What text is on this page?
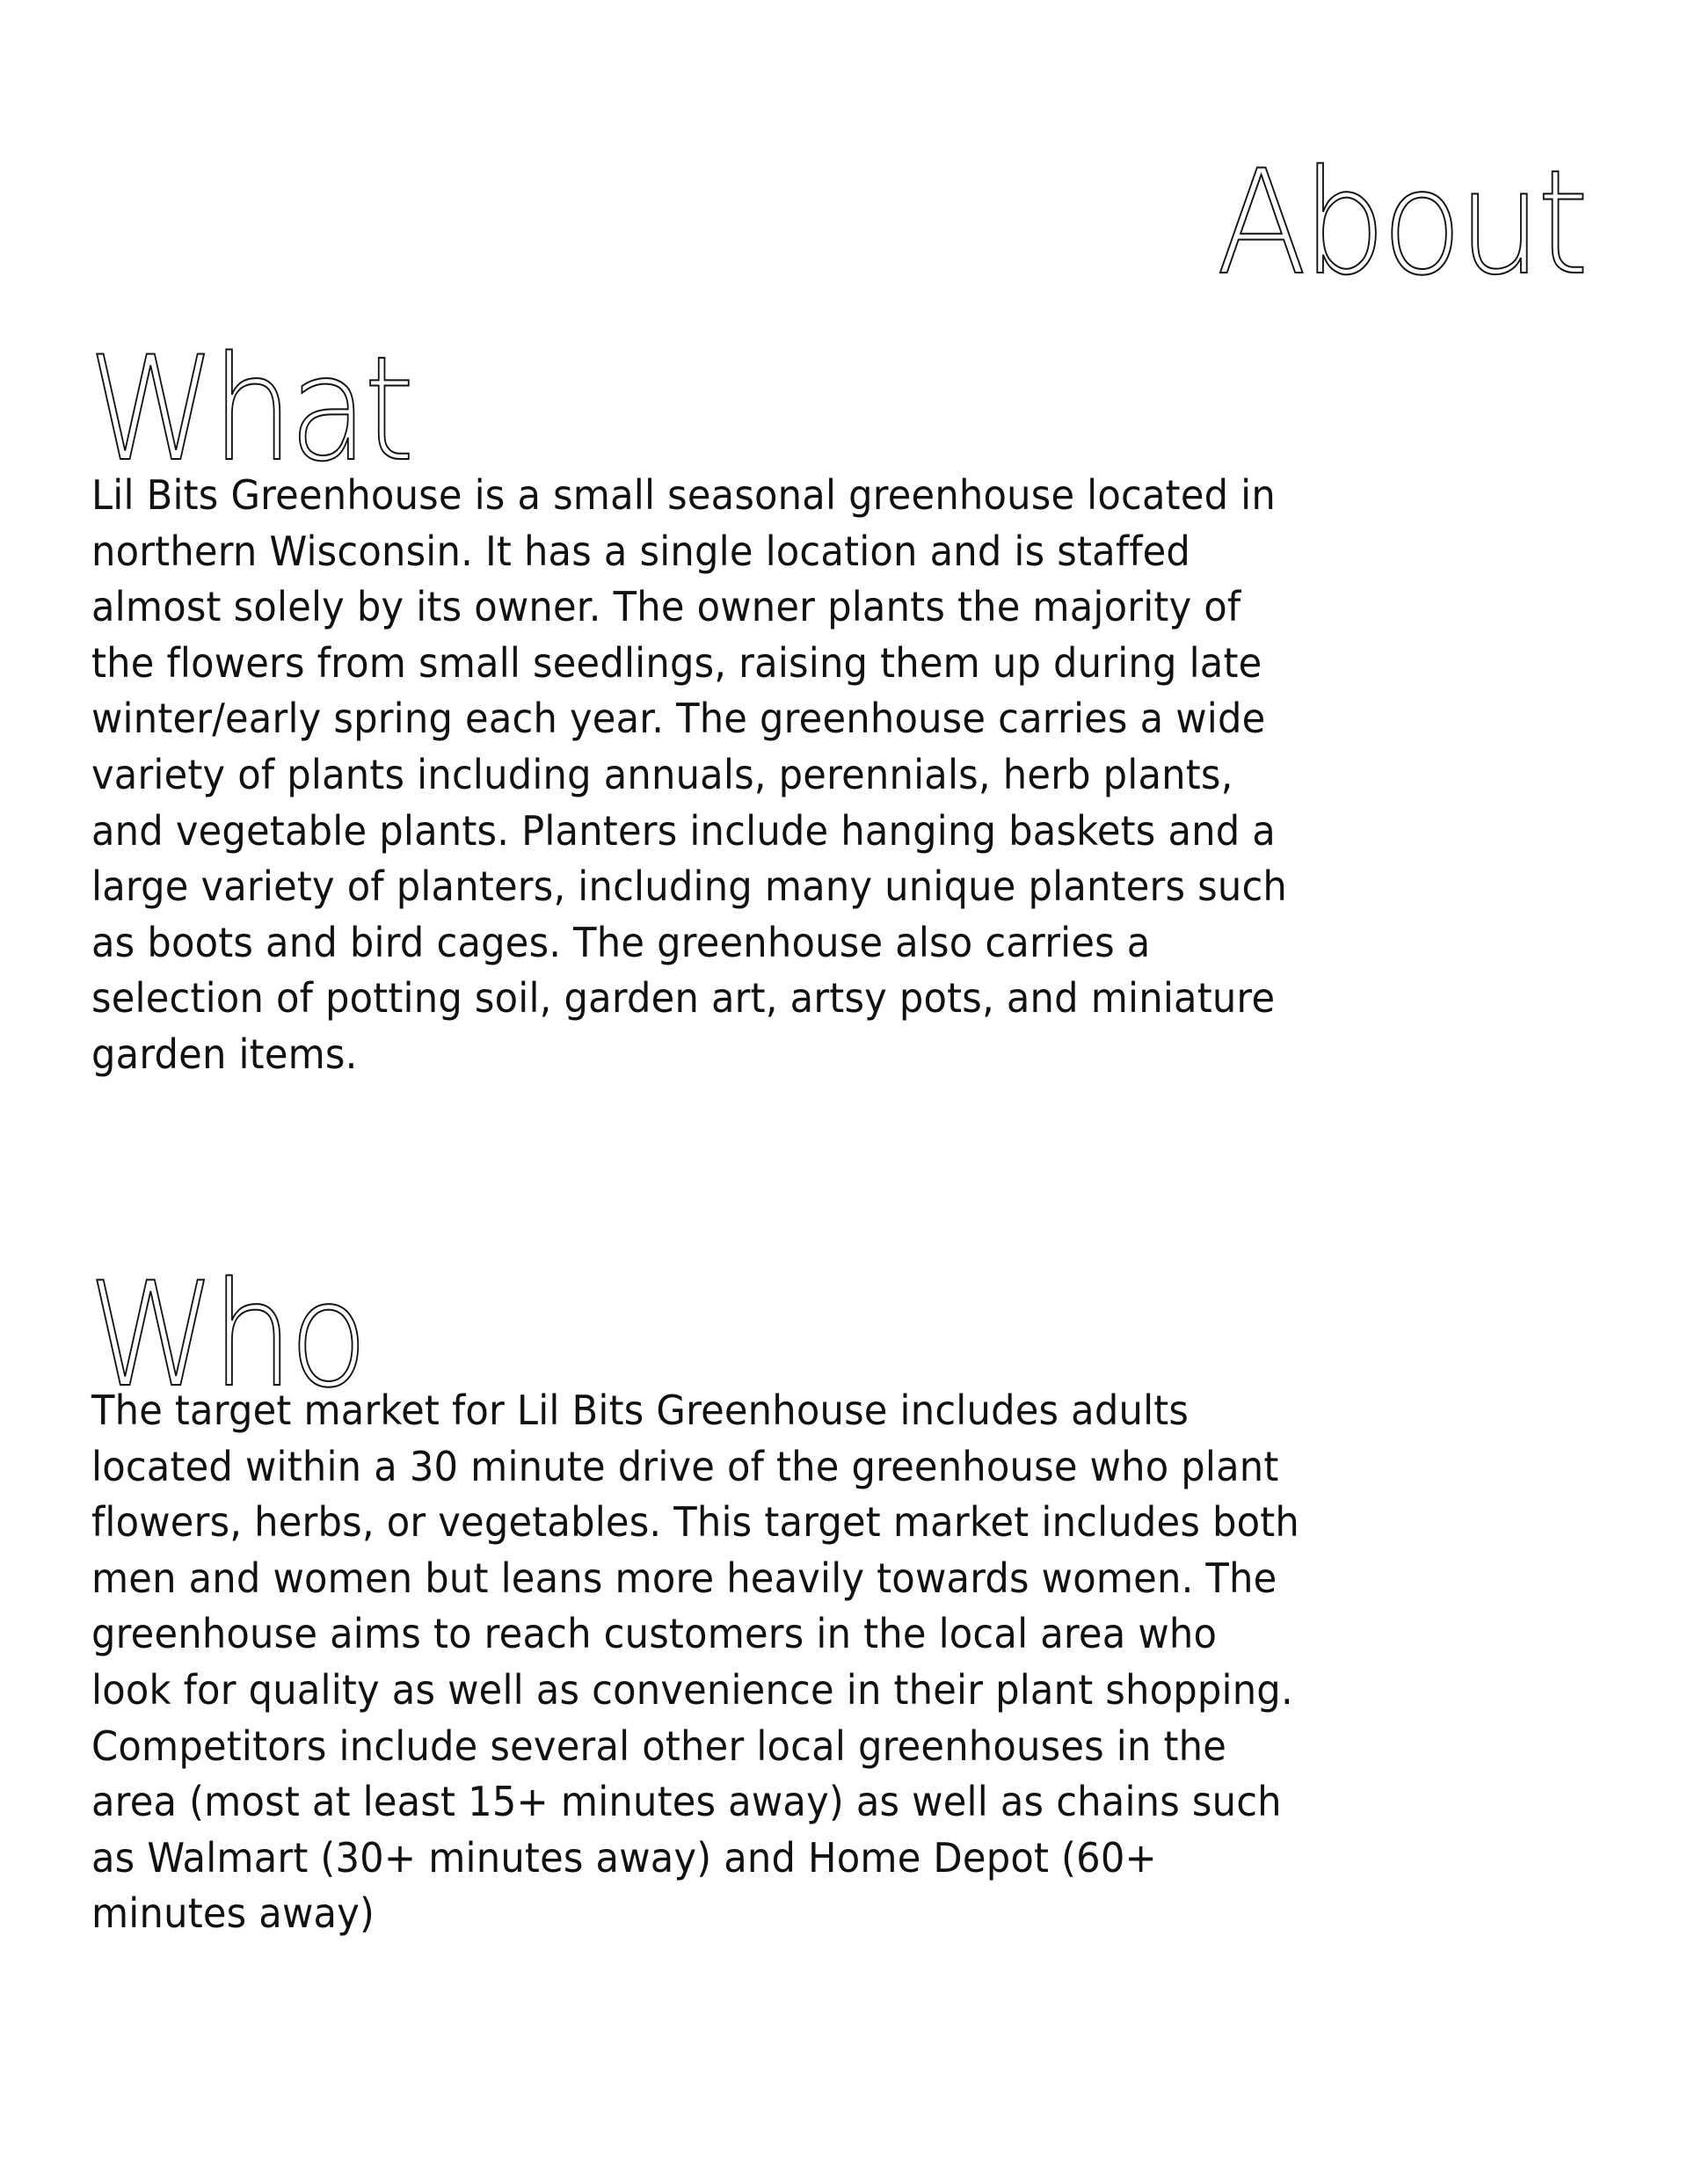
About
What
Lil Bits Greenhouse is a small seasonal greenhouse located in
northern Wisconsin. It has a single location and is staffed
almost solely by its owner. The owner plants the majority of
the flowers from small seedlings, raising them up during late
winter/early spring each year. The greenhouse carries a wide
variety of plants including annuals, perennials, herb plants,
and vegetable plants. Planters include hanging baskets and a
large variety of planters, including many unique planters such
as boots and bird cages. The greenhouse also carries a
selection of potting soil, garden art, artsy pots, and miniature
garden items.
Who
The target market for Lil Bits Greenhouse includes adults
located within a 30 minute drive of the greenhouse who plant
flowers, herbs, or vegetables. This target market includes both
men and women but leans more heavily towards women. The
greenhouse aims to reach customers in the local area who
look for quality as well as convenience in their plant shopping.
Competitors include several other local greenhouses in the
area (most at least 15+ minutes away) as well as chains such
as Walmart (30+ minutes away) and Home Depot (60+
minutes away)
